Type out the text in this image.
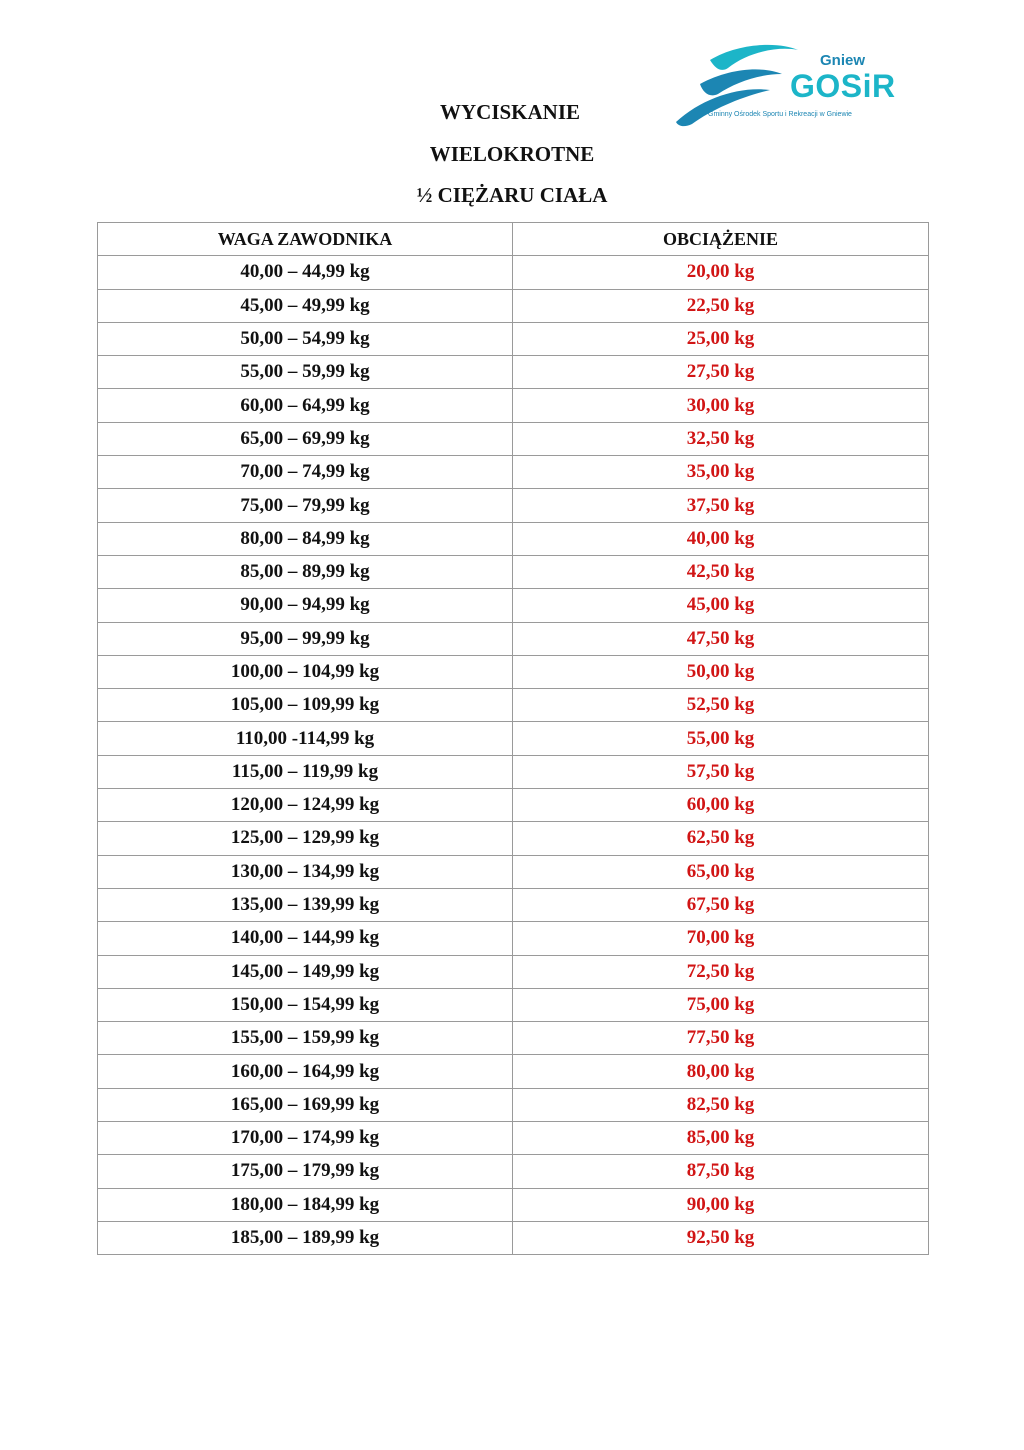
Gniew
GOSiR
Gminny Ośrodek Sportu i Rekreacji w Gniewie
WYCISKANIE
WIELOKROTNE
½ CIĘŻARU CIAŁA
WAGA ZAWODNIKA	OBCIĄŻENIE
40,00 – 44,99 kg	20,00 kg
45,00 – 49,99 kg	22,50 kg
50,00 – 54,99 kg	25,00 kg
55,00 – 59,99 kg	27,50 kg
60,00 – 64,99 kg	30,00 kg
65,00 – 69,99 kg	32,50 kg
70,00 – 74,99 kg	35,00 kg
75,00 – 79,99 kg	37,50 kg
80,00 – 84,99 kg	40,00 kg
85,00 – 89,99 kg	42,50 kg
90,00 – 94,99 kg	45,00 kg
95,00 – 99,99 kg	47,50 kg
100,00 – 104,99 kg	50,00 kg
105,00 – 109,99 kg	52,50 kg
110,00 -114,99 kg	55,00 kg
115,00 – 119,99 kg	57,50 kg
120,00 – 124,99 kg	60,00 kg
125,00 – 129,99 kg	62,50 kg
130,00 – 134,99 kg	65,00 kg
135,00 – 139,99 kg	67,50 kg
140,00 – 144,99 kg	70,00 kg
145,00 – 149,99 kg	72,50 kg
150,00 – 154,99 kg	75,00 kg
155,00 – 159,99 kg	77,50 kg
160,00 – 164,99 kg	80,00 kg
165,00 – 169,99 kg	82,50 kg
170,00 – 174,99 kg	85,00 kg
175,00 – 179,99 kg	87,50 kg
180,00 – 184,99 kg	90,00 kg
185,00 – 189,99 kg	92,50 kg
